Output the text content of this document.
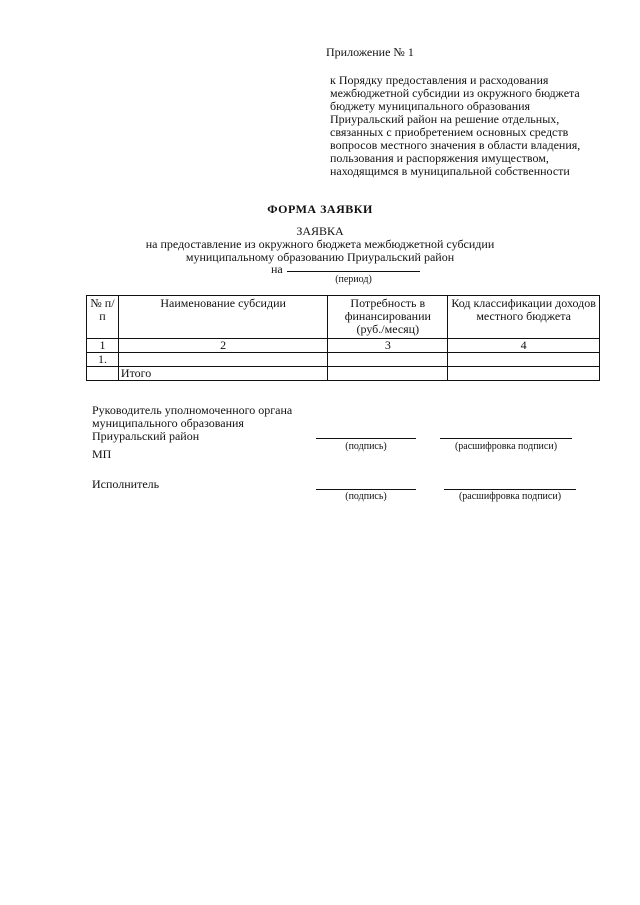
Приложение № 1
к Порядку предоставления и расходования
межбюджетной субсидии из окружного бюджета
бюджету муниципального образования
Приуральский район на решение отдельных,
связанных с приобретением основных средств
вопросов местного значения в области владения,
пользования и распоряжения имуществом,
находящимся в муниципальной собственности
ФОРМА ЗАЯВКИ
ЗАЯВКА
на предоставление из окружного бюджета межбюджетной субсидии
муниципальному образованию Приуральский район
на
(период)
№ п/п	Наименование субсидии	Потребность в финансировании (руб./месяц)	Код классификации доходов местного бюджета
1	2	3	4
1.			
	Итого		
Руководитель уполномоченного органа
муниципального образования
Приуральский район
(подпись)	(расшифровка подписи)
МП
Исполнитель
(подпись)	(расшифровка подписи)
